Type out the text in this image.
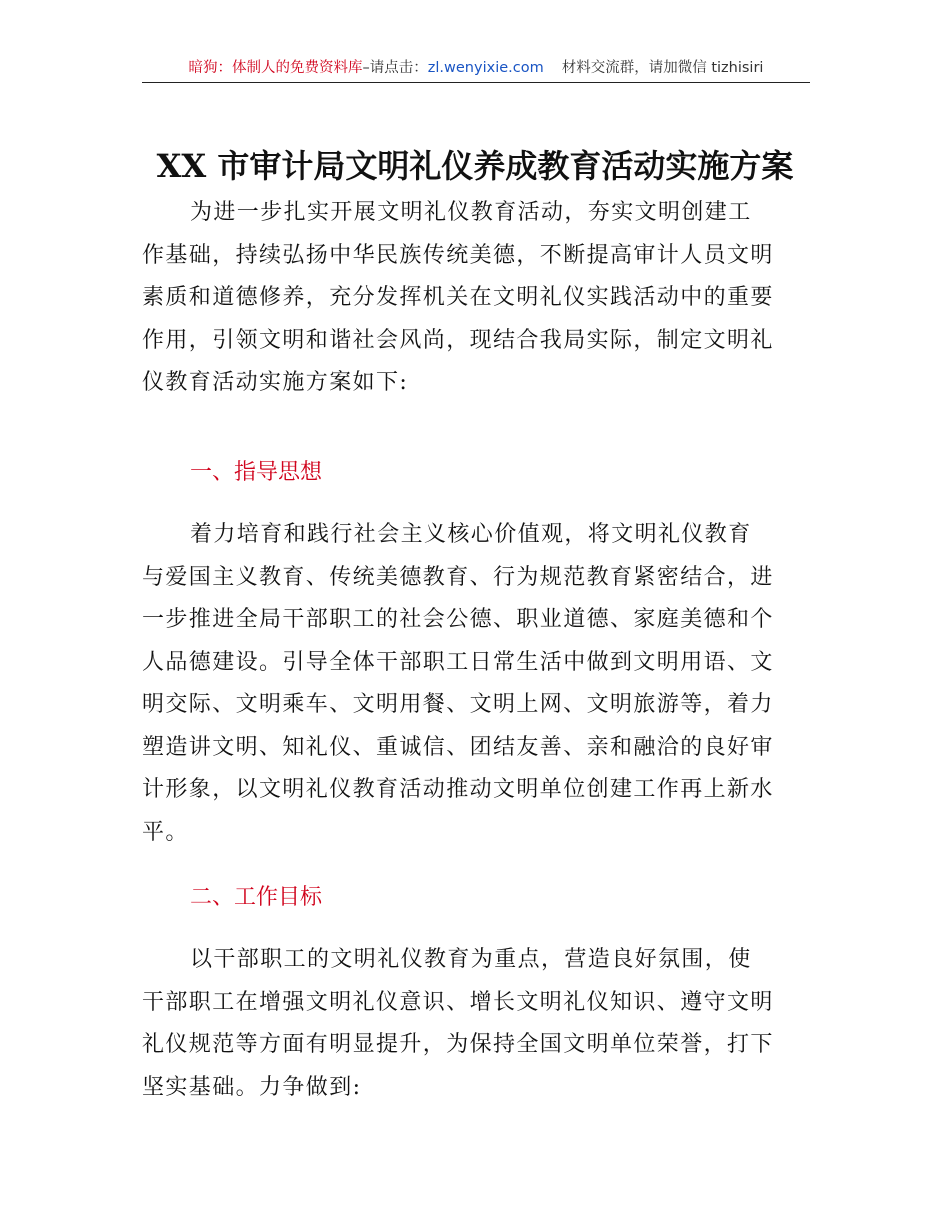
暗狗：体制人的免费资料库–请点击：zl.wenyixie.com 材料交流群，请加微信 tizhisiri
XX 市审计局文明礼仪养成教育活动实施方案
为进一步扎实开展文明礼仪教育活动，夯实文明创建工
作基础，持续弘扬中华民族传统美德，不断提高审计人员文明
素质和道德修养，充分发挥机关在文明礼仪实践活动中的重要
作用，引领文明和谐社会风尚，现结合我局实际，制定文明礼
仪教育活动实施方案如下:
一、指导思想
着力培育和践行社会主义核心价值观，将文明礼仪教育
与爱国主义教育、传统美德教育、行为规范教育紧密结合，进
一步推进全局干部职工的社会公德、职业道德、家庭美德和个
人品德建设。引导全体干部职工日常生活中做到文明用语、文
明交际、文明乘车、文明用餐、文明上网、文明旅游等，着力
塑造讲文明、知礼仪、重诚信、团结友善、亲和融洽的良好审
计形象，以文明礼仪教育活动推动文明单位创建工作再上新水
平。
二、工作目标
以干部职工的文明礼仪教育为重点，营造良好氛围，使
干部职工在增强文明礼仪意识、增长文明礼仪知识、遵守文明
礼仪规范等方面有明显提升，为保持全国文明单位荣誉，打下
坚实基础。力争做到:
